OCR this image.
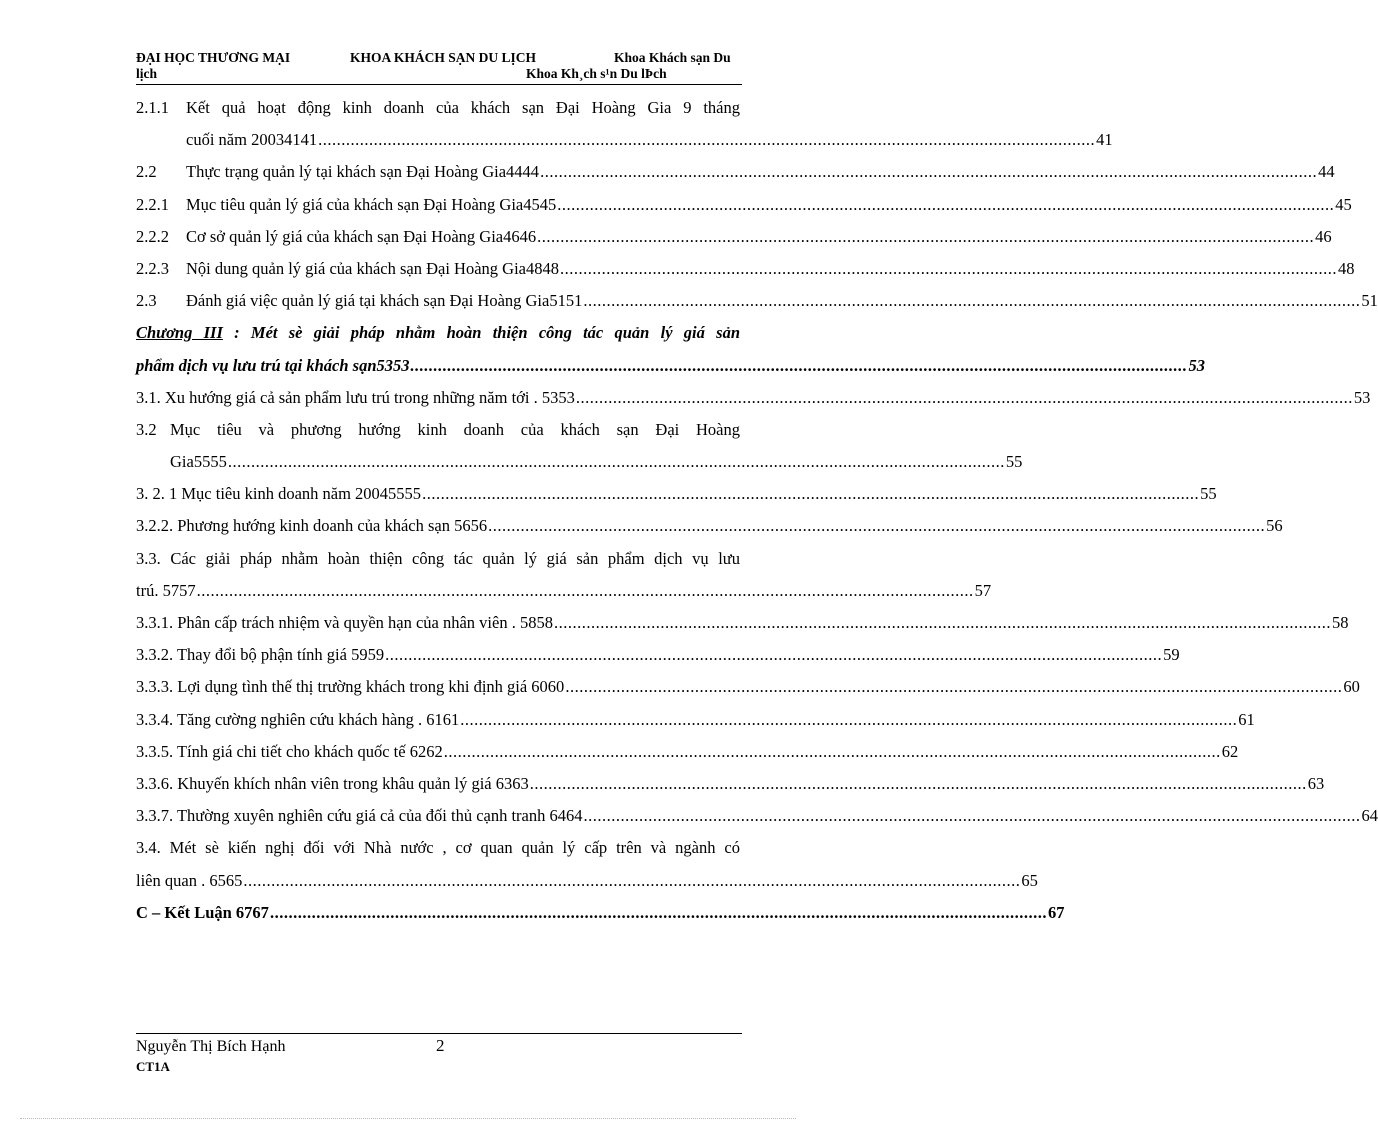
ĐẠI HỌC THƯƠNG MẠI	KHOA KHÁCH SẠN DU LỊCH	Khoa Khách sạn Du
lịch	Khoa Kh¸ch s¹n Du lÞch
2.1.1 Kết quả hoạt động kinh doanh của khách sạn Đại Hoàng Gia 9 tháng
cuối năm 20034141 ........................................................................................................................................................................ 41
2.2 Thực trạng quản lý tại khách sạn Đại Hoàng Gia4444 ........................................................................................................................................................................ 44
2.2.1 Mục tiêu quản lý giá của khách sạn Đại Hoàng Gia4545 ........................................................................................................................................................................ 45
2.2.2 Cơ sở quản lý giá của khách sạn Đại Hoàng Gia4646 ........................................................................................................................................................................ 46
2.2.3 Nội dung quản lý giá của khách sạn Đại Hoàng Gia4848 ........................................................................................................................................................................ 48
2.3 Đánh giá việc quản lý giá tại khách sạn Đại Hoàng Gia5151 ........................................................................................................................................................................ 51
Chương III : Mét sè giải pháp nhằm hoàn thiện công tác quản lý giá sản
phẩm dịch vụ lưu trú tại khách sạn5353 ........................................................................................................................................................................ 53
3.1. Xu hướng giá cả sản phẩm lưu trú trong những năm tới . 5353 ........................................................................................................................................................................ 53
3.2 Mục tiêu và phương hướng kinh doanh của khách sạn Đại Hoàng
Gia5555 ........................................................................................................................................................................ 55
3. 2. 1 Mục tiêu kinh doanh năm 20045555 ........................................................................................................................................................................ 55
3.2.2. Phương hướng kinh doanh của khách sạn 5656 ........................................................................................................................................................................ 56
3.3. Các giải pháp nhằm hoàn thiện công tác quản lý giá sản phẩm dịch vụ lưu
trú. 5757 ........................................................................................................................................................................ 57
3.3.1. Phân cấp trách nhiệm và quyền hạn của nhân viên . 5858 ........................................................................................................................................................................ 58
3.3.2. Thay đổi bộ phận tính giá 5959 ........................................................................................................................................................................ 59
3.3.3. Lợi dụng tình thế thị trường khách trong khi định giá 6060 ........................................................................................................................................................................ 60
3.3.4. Tăng cường nghiên cứu khách hàng . 6161 ........................................................................................................................................................................ 61
3.3.5. Tính giá chi tiết cho khách quốc tế 6262 ........................................................................................................................................................................ 62
3.3.6. Khuyến khích nhân viên trong khâu quản lý giá 6363 ........................................................................................................................................................................ 63
3.3.7. Thường xuyên nghiên cứu giá cả của đối thủ cạnh tranh 6464 ........................................................................................................................................................................ 64
3.4. Mét sè kiến nghị đối với Nhà nước , cơ quan quản lý cấp trên và ngành có
liên quan . 6565 ........................................................................................................................................................................ 65
C – Kết Luận 6767 ........................................................................................................................................................................ 67
Nguyễn Thị Bích Hạnh
CT1A
2
